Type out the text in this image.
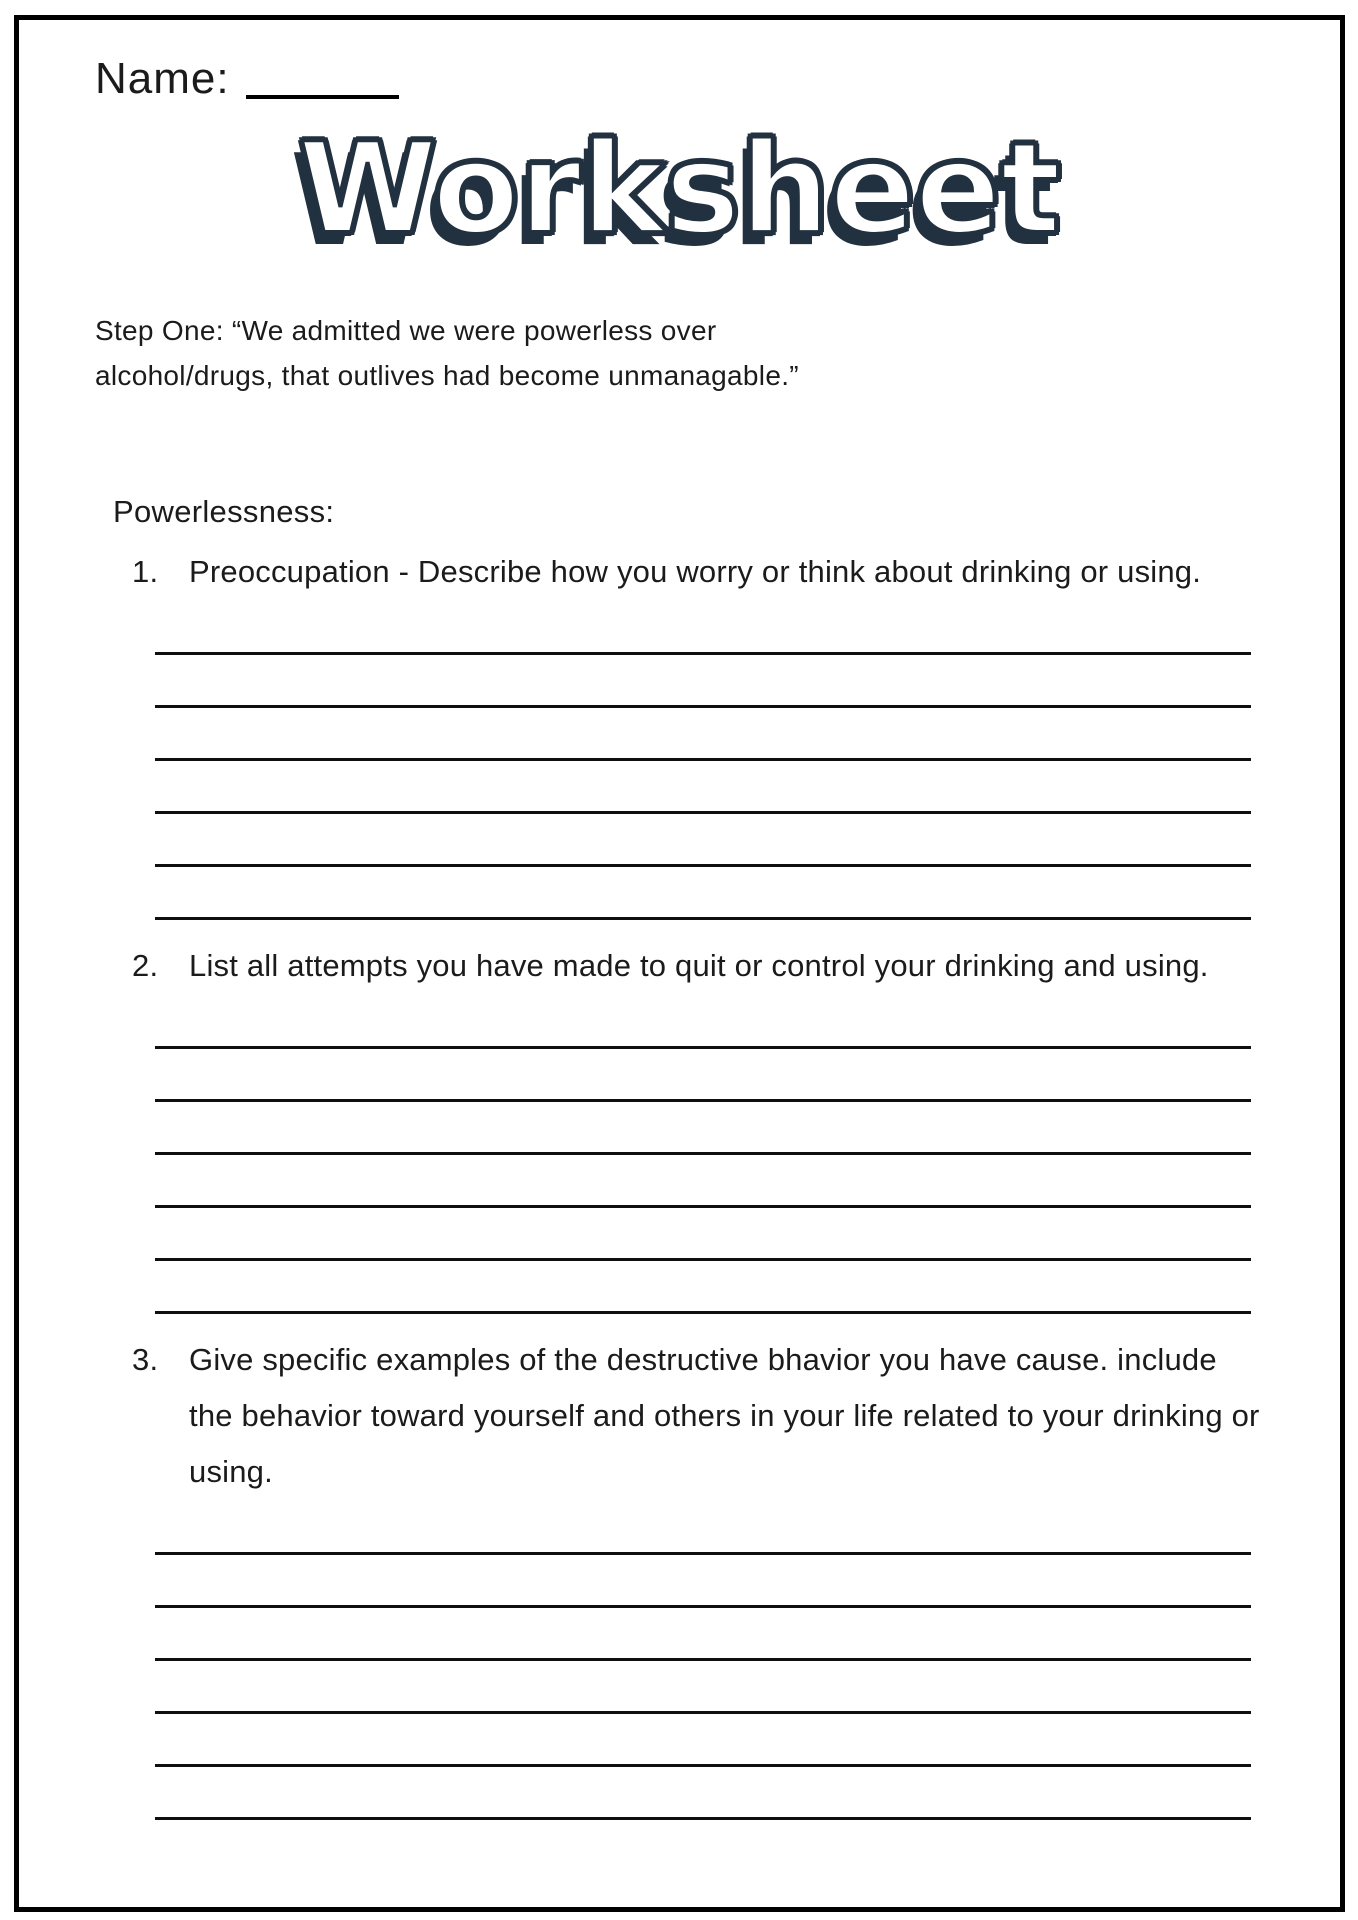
Name:
Worksheet

Step One: “We admitted we were powerless over
alcohol/drugs, that outlives had become unmanagable.”

Powerlessness:
1. Preoccupation - Describe how you worry or think about drinking or using.
2. List all attempts you have made to quit or control your drinking and using.
3. Give specific examples of the destructive bhavior you have cause. include the behavior toward yourself and others in your life related to your drinking or using.
